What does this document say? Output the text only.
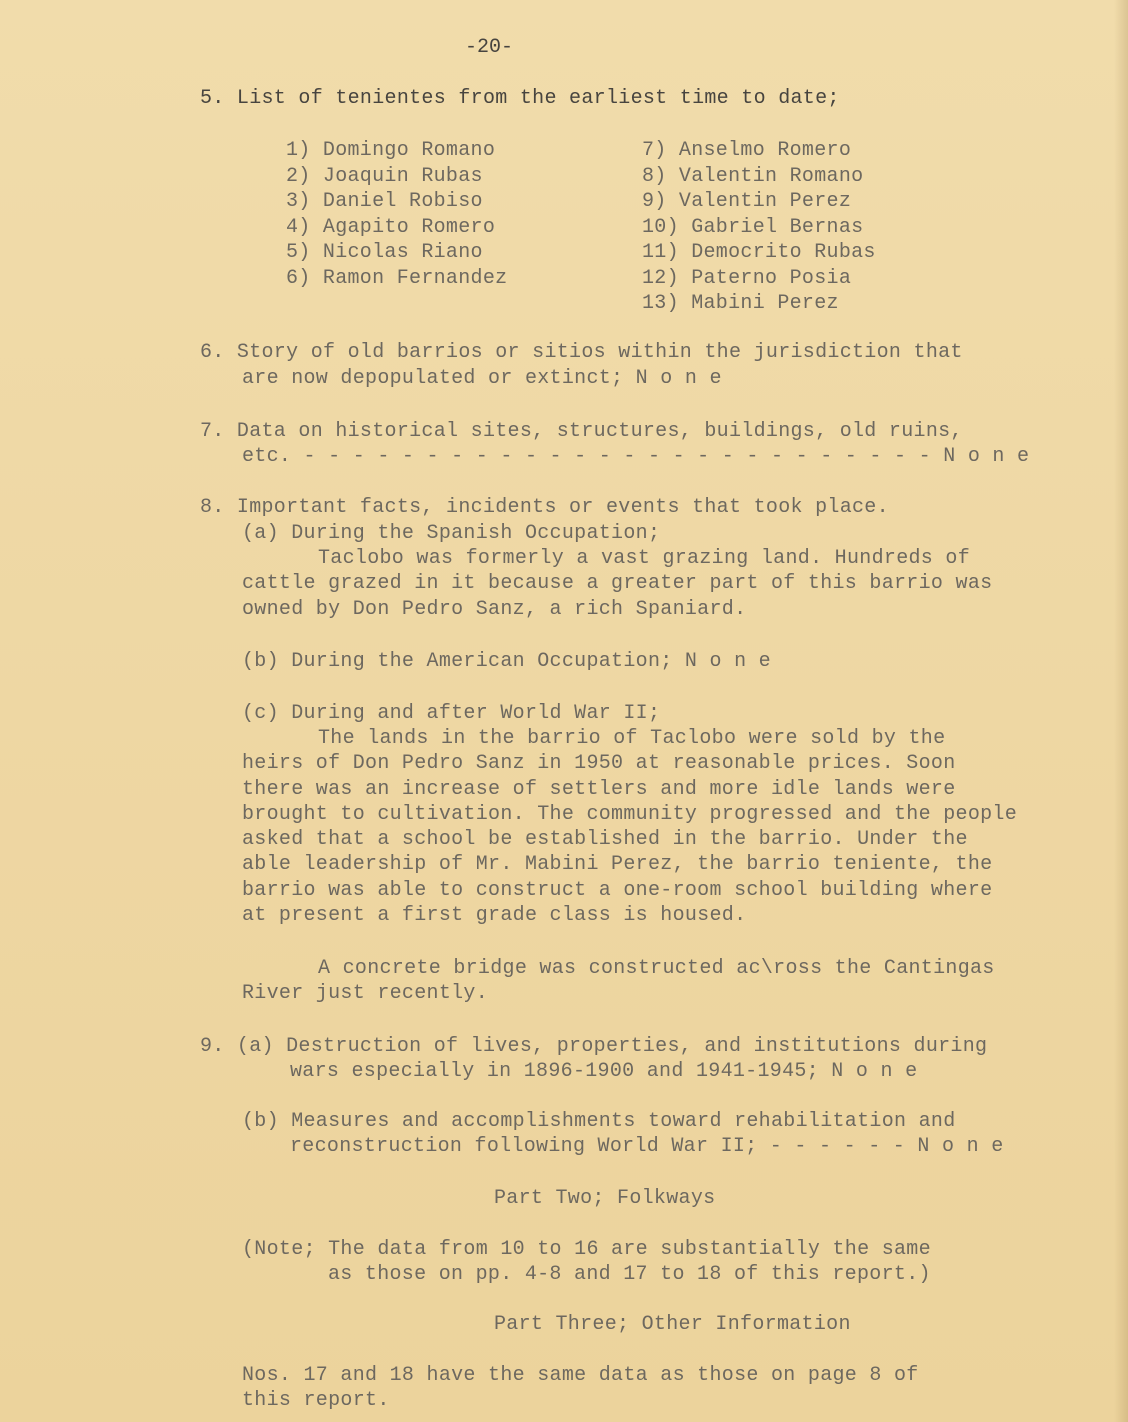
-20-
5. List of tenientes from the earliest time to date;
1) Domingo Romano
2) Joaquin Rubas
3) Daniel Robiso
4) Agapito Romero
5) Nicolas Riano
6) Ramon Fernandez
7) Anselmo Romero
8) Valentin Romano
9) Valentin Perez
10) Gabriel Bernas
11) Democrito Rubas
12) Paterno Posia
13) Mabini Perez
6. Story of old barrios or sitios within the jurisdiction that
are now depopulated or extinct; N o n e
7. Data on historical sites, structures, buildings, old ruins,
etc. - - - - - - - - - - - - - - - - - - - - - - - - - - N o n e
8. Important facts, incidents or events that took place.
(a) During the Spanish Occupation;
Taclobo was formerly a vast grazing land. Hundreds of
cattle grazed in it because a greater part of this barrio was
owned by Don Pedro Sanz, a rich Spaniard.
(b) During the American Occupation; N o n e
(c) During and after World War II;
The lands in the barrio of Taclobo were sold by the
heirs of Don Pedro Sanz in 1950 at reasonable prices. Soon
there was an increase of settlers and more idle lands were
brought to cultivation. The community progressed and the people
asked that a school be established in the barrio. Under the
able leadership of Mr. Mabini Perez, the barrio teniente, the
barrio was able to construct a one-room school building where
at present a first grade class is housed.
A concrete bridge was constructed ac\ross the Cantingas
River just recently.
9. (a) Destruction of lives, properties, and institutions during
wars especially in 1896-1900 and 1941-1945; N o n e
(b) Measures and accomplishments toward rehabilitation and
reconstruction following World War II; - - - - - - N o n e
Part Two; Folkways
(Note; The data from 10 to 16 are substantially the same
as those on pp. 4-8 and 17 to 18 of this report.)
Part Three; Other Information
Nos. 17 and 18 have the same data as those on page 8 of
this report.
